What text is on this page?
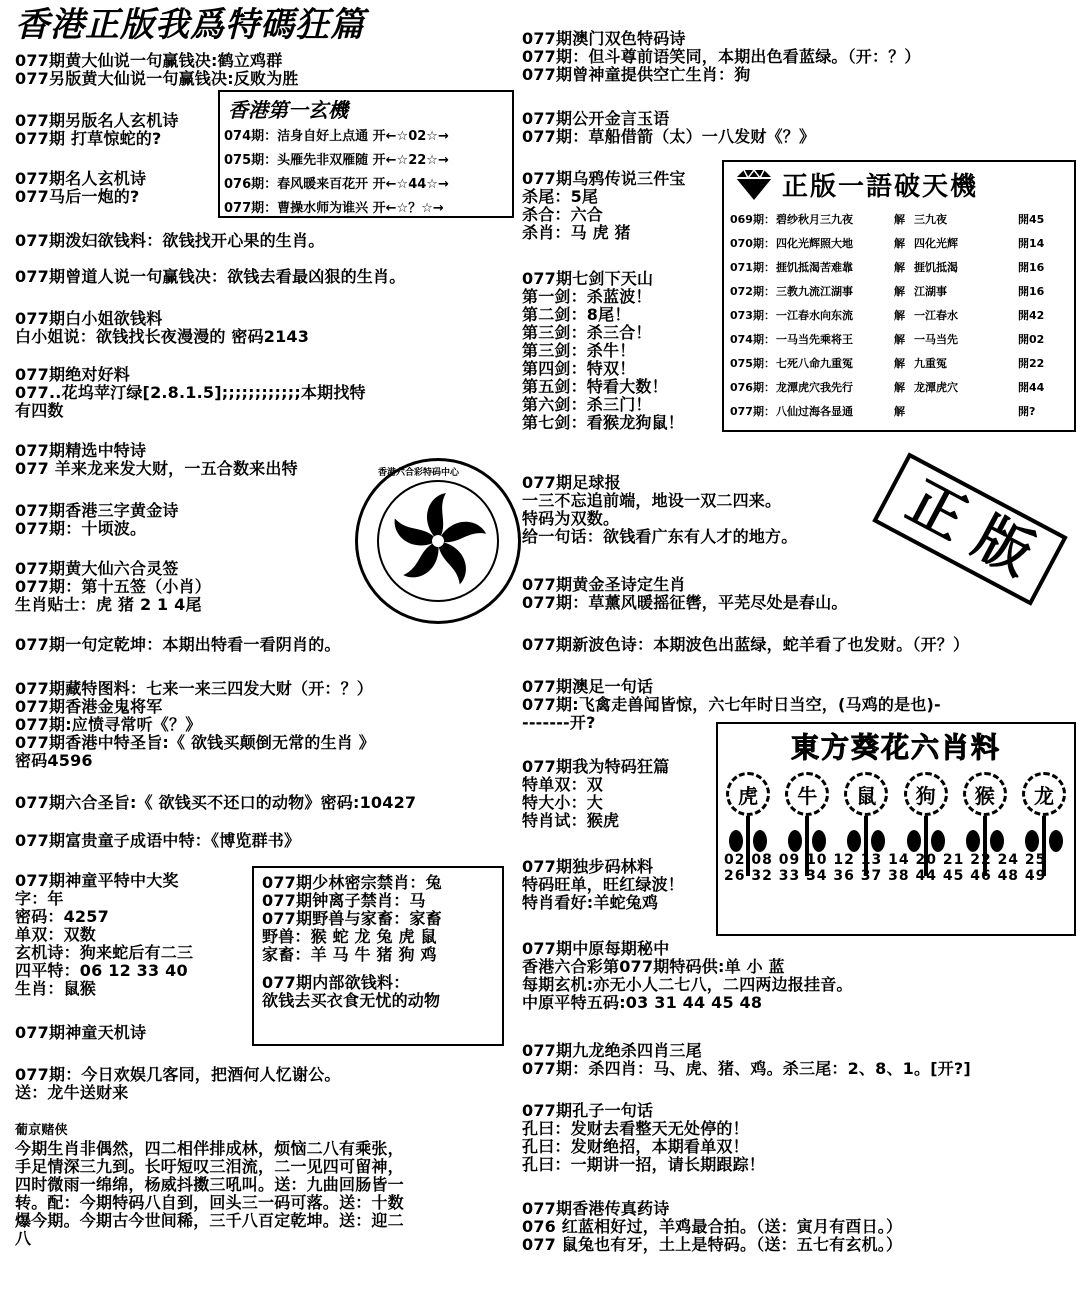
香港正版我爲特碼狂篇
077期黄大仙说一句赢钱决:鹤立鸡群
077另版黄大仙说一句赢钱决:反败为胜
077期另版名人玄机诗
077期 打草惊蛇的?
077期名人玄机诗
077马后一炮的?
077期泼妇欲钱料：欲钱找开心果的生肖。
077期曾道人说一句赢钱决：欲钱去看最凶狠的生肖。
077期白小姐欲钱料
白小姐说：欲钱找长夜漫漫的 密码2143
077期绝对好料
077..花坞苹汀绿[2.8.1.5];;;;;;;;;;;;本期找特
有四数
077期精选中特诗
077 羊来龙来发大财，一五合数来出特
077期香港三字黄金诗
077期：十顷波。
077期黄大仙六合灵签
077期：第十五签（小肖）
生肖贴士：虎 猪 2 1 4尾
077期一句定乾坤：本期出特看一看阴肖的。
077期藏特图料：七来一来三四发大财（开：？）
077期香港金鬼将军
077期:应愤寻常听《？》
077期香港中特圣旨:《 欲钱买颠倒无常的生肖 》
密码4596
077期六合圣旨:《 欲钱买不还口的动物》密码:10427
077期富贵童子成语中特：《博览群书》
077期神童平特中大奖
字：年
密码：4257
单双：双数
玄机诗：狗来蛇后有二三
四平特：06 12 33 40
生肖：鼠猴
077期神童天机诗
077期：今日欢娱几客同，把酒何人忆谢公。
送：龙牛送财来
葡京赌侠
今期生肖非偶然，四二相伴排成林，烦恼二八有乘张，
手足情深三九到。长吁短叹三泪流，二一见四可留神，
四时微雨一绵绵，杨威抖擞三吼叫。送：九曲回肠皆一
转。配：今期特码八自到，回头三一码可落。送：十数
爆今期。今期古今世间稀，三千八百定乾坤。送：迎二
八
香港第一玄機
074期：洁身自好上点通 开←☆02☆→
075期：头雁先非双雁随 开←☆22☆→
076期：春风暖来百花开 开←☆44☆→
077期：曹操水师为谁兴 开←☆？☆→
香港六合彩特码中心
077期少林密宗禁肖：兔
077期钟离子禁肖：马
077期野兽与家畜：家畜
野兽：猴 蛇 龙 兔 虎 鼠
家畜：羊 马 牛 猪 狗 鸡
077期内部欲钱料：
欲钱去买衣食无忧的动物
077期澳门双色特码诗
077期：但斗尊前语笑同，本期出色看蓝绿。（开：？）
077期曾神童提供空亡生肖：狗
077期公开金言玉语
077期：草船借箭（太）一八发财《？》
077期乌鸦传说三件宝
杀尾：5尾
杀合：六合
杀肖：马 虎 猪
077期七剑下天山
第一剑：杀蓝波！
第二剑：8尾！
第三剑：杀三合！
第三剑：杀牛！
第四剑：特双！
第五剑：特看大数！
第六剑：杀三门！
第七剑：看猴龙狗鼠！
077期足球报
一三不忘追前端，地设一双二四来。
特码为双数。
给一句话：欲钱看广东有人才的地方。
077期黄金圣诗定生肖
077期：草薰风暖摇征辔，平芜尽处是春山。
077期新波色诗：本期波色出蓝绿，蛇羊看了也发财。（开？）
077期澳足一句话
077期:飞禽走兽闻皆惊，六七年时日当空，(马鸡的是也)-
-------开?
077期我为特码狂篇
特单双：双
特大小：大
特肖试：猴虎
077期独步码林料
特码旺单，旺红绿波！
特肖看好:羊蛇兔鸡
077期中原每期秘中
香港六合彩第077期特码供:单 小 蓝
每期玄机:亦无小人二七八，二四两边报挂音。
中原平特五码:03 31 44 45 48
077期九龙绝杀四肖三尾
077期：杀四肖：马、虎、猪、鸡。杀三尾：2、8、1。[开?]
077期孔子一句话
孔曰：发财去看整天无处停的！
孔曰：发财绝招，本期看单双！
孔曰：一期讲一招，请长期跟踪！
077期香港传真药诗
076 红蓝相好过，羊鸡最合拍。（送：寅月有酉日。）
077 鼠兔也有牙，土上是特码。（送：五七有玄机。）
正版一語破天機
069期： 碧纱秋月三九夜	解 三九夜	開45
070期： 四化光辉照大地	解 四化光辉	開14
071期： 捱饥抵渴苦难靠	解 捱饥抵渴	開16
072期： 三教九流江湖事	解 江湖事	開16
073期： 一江春水向东流	解 一江春水	開42
074期： 一马当先乘将王	解 一马当先	開02
075期： 七死八命九重冤	解 九重冤	開22
076期： 龙潭虎穴我先行	解 龙潭虎穴	開44
077期： 八仙过海各显通	解	開?
正 版
東方葵花六肖料
虎	牛	鼠	狗	猴	龙
02 08 09 10 12 13 14 20 21 22 24 25
26 32 33 34 36 37 38 44 45 46 48 49
